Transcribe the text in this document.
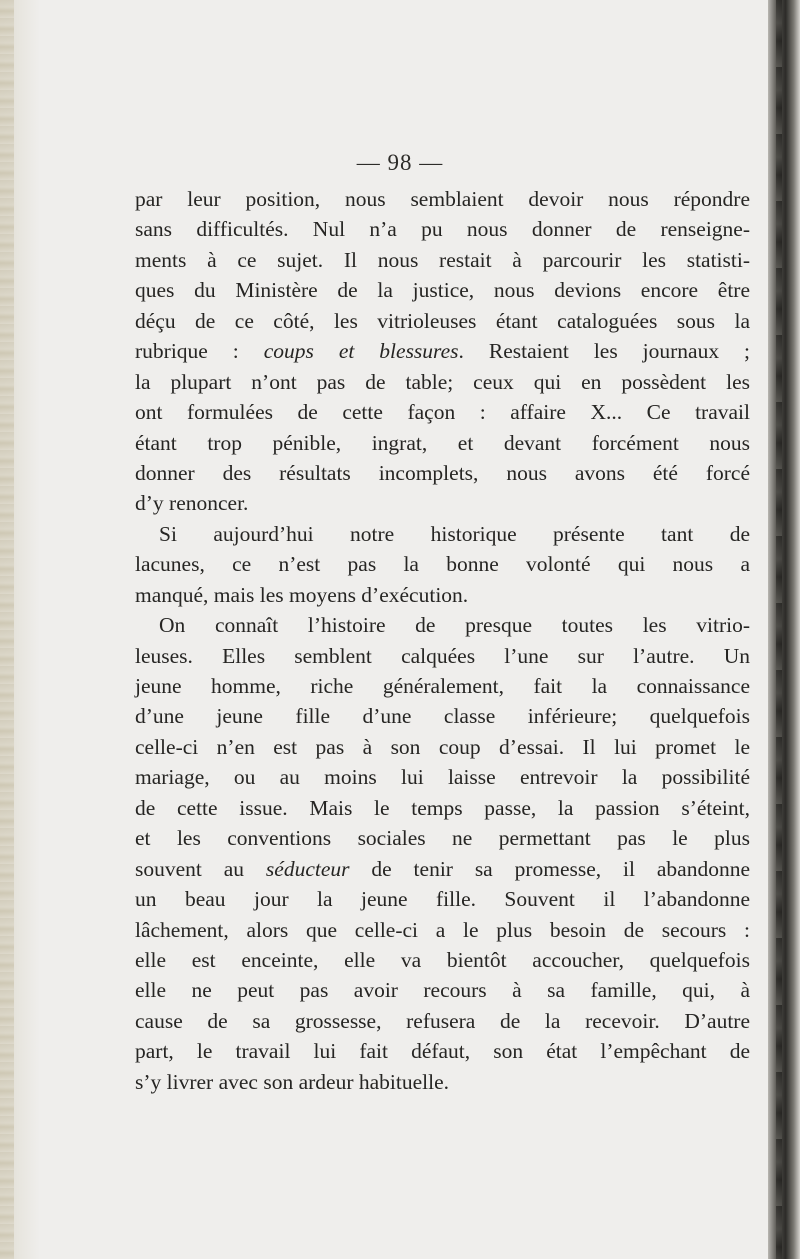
— 98 —
par leur position, nous semblaient devoir nous répondre
sans difficultés. Nul n’a pu nous donner de renseigne-
ments à ce sujet. Il nous restait à parcourir les statisti-
ques du Ministère de la justice, nous devions encore être
déçu de ce côté, les vitrioleuses étant cataloguées sous la
rubrique : coups et blessures. Restaient les journaux ;
la plupart n’ont pas de table; ceux qui en possèdent les
ont formulées de cette façon : affaire X... Ce travail
étant trop pénible, ingrat, et devant forcément nous
donner des résultats incomplets, nous avons été forcé
d’y renoncer.
Si aujourd’hui notre historique présente tant de
lacunes, ce n’est pas la bonne volonté qui nous a
manqué, mais les moyens d’exécution.
On connaît l’histoire de presque toutes les vitrio-
leuses. Elles semblent calquées l’une sur l’autre. Un
jeune homme, riche généralement, fait la connaissance
d’une jeune fille d’une classe inférieure; quelquefois
celle-ci n’en est pas à son coup d’essai. Il lui promet le
mariage, ou au moins lui laisse entrevoir la possibilité
de cette issue. Mais le temps passe, la passion s’éteint,
et les conventions sociales ne permettant pas le plus
souvent au séducteur de tenir sa promesse, il abandonne
un beau jour la jeune fille. Souvent il l’abandonne
lâchement, alors que celle-ci a le plus besoin de secours :
elle est enceinte, elle va bientôt accoucher, quelquefois
elle ne peut pas avoir recours à sa famille, qui, à
cause de sa grossesse, refusera de la recevoir. D’autre
part, le travail lui fait défaut, son état l’empêchant de
s’y livrer avec son ardeur habituelle.
